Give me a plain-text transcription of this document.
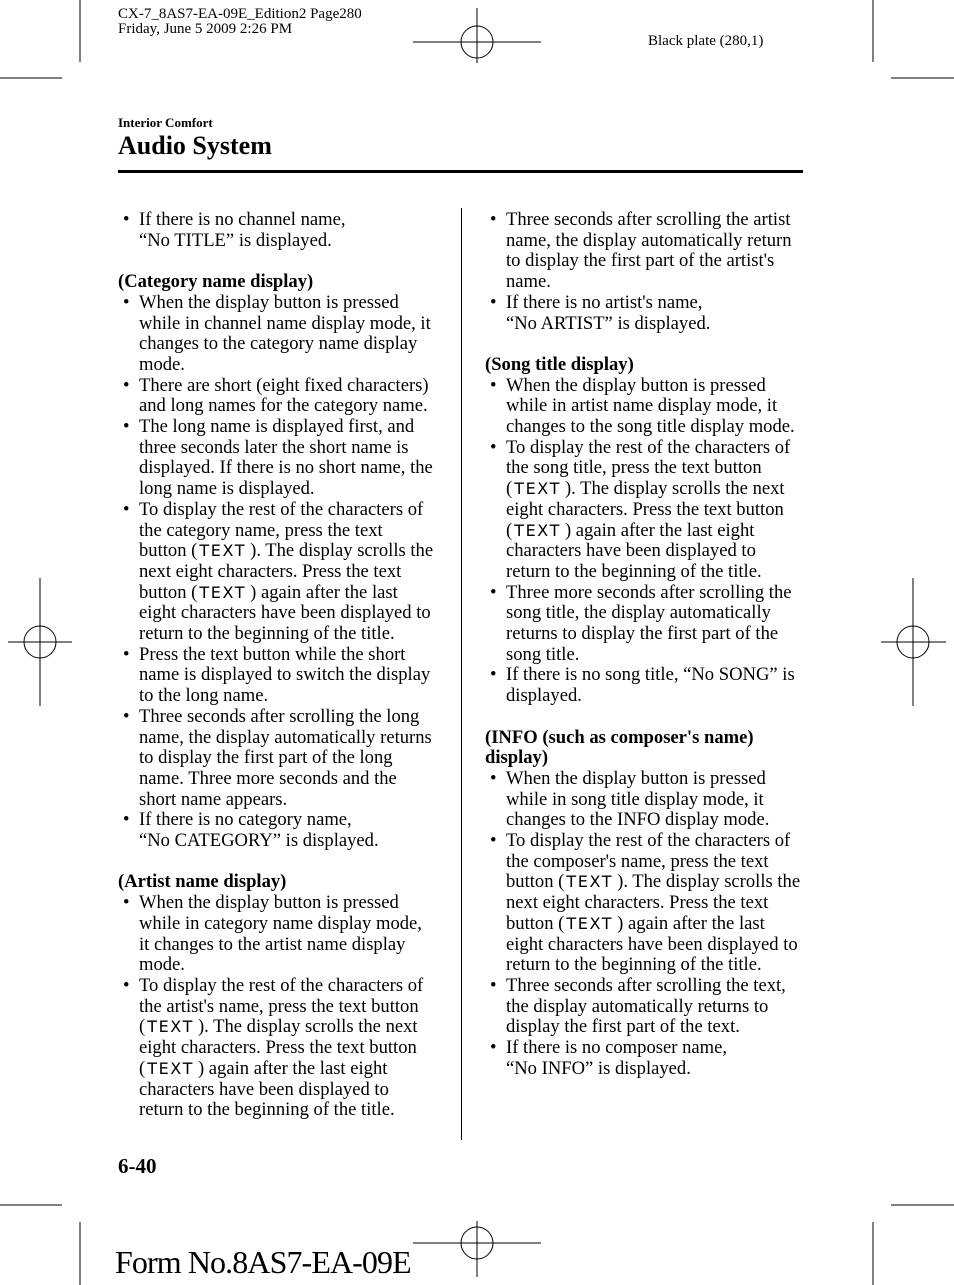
CX-7_8AS7-EA-09E_Edition2 Page280
Friday, June 5 2009 2:26 PM
Black plate (280,1)
Interior Comfort
Audio System
• If there is no channel name,
“No TITLE” is displayed.
(Category name display)
• When the display button is pressed
while in channel name display mode, it
changes to the category name display
mode.
• There are short (eight fixed characters)
and long names for the category name.
• The long name is displayed first, and
three seconds later the short name is
displayed. If there is no short name, the
long name is displayed.
• To display the rest of the characters of
the category name, press the text
button ( TEXT ). The display scrolls the
next eight characters. Press the text
button ( TEXT ) again after the last
eight characters have been displayed to
return to the beginning of the title.
• Press the text button while the short
name is displayed to switch the display
to the long name.
• Three seconds after scrolling the long
name, the display automatically returns
to display the first part of the long
name. Three more seconds and the
short name appears.
• If there is no category name,
“No CATEGORY” is displayed.
(Artist name display)
• When the display button is pressed
while in category name display mode,
it changes to the artist name display
mode.
• To display the rest of the characters of
the artist's name, press the text button
( TEXT ). The display scrolls the next
eight characters. Press the text button
( TEXT ) again after the last eight
characters have been displayed to
return to the beginning of the title.
• Three seconds after scrolling the artist
name, the display automatically return
to display the first part of the artist's
name.
• If there is no artist's name,
“No ARTIST” is displayed.
(Song title display)
• When the display button is pressed
while in artist name display mode, it
changes to the song title display mode.
• To display the rest of the characters of
the song title, press the text button
( TEXT ). The display scrolls the next
eight characters. Press the text button
( TEXT ) again after the last eight
characters have been displayed to
return to the beginning of the title.
• Three more seconds after scrolling the
song title, the display automatically
returns to display the first part of the
song title.
• If there is no song title, “No SONG” is
displayed.
(INFO (such as composer's name)
display)
• When the display button is pressed
while in song title display mode, it
changes to the INFO display mode.
• To display the rest of the characters of
the composer's name, press the text
button ( TEXT ). The display scrolls the
next eight characters. Press the text
button ( TEXT ) again after the last
eight characters have been displayed to
return to the beginning of the title.
• Three seconds after scrolling the text,
the display automatically returns to
display the first part of the text.
• If there is no composer name,
“No INFO” is displayed.
6-40
Form No.8AS7-EA-09E
